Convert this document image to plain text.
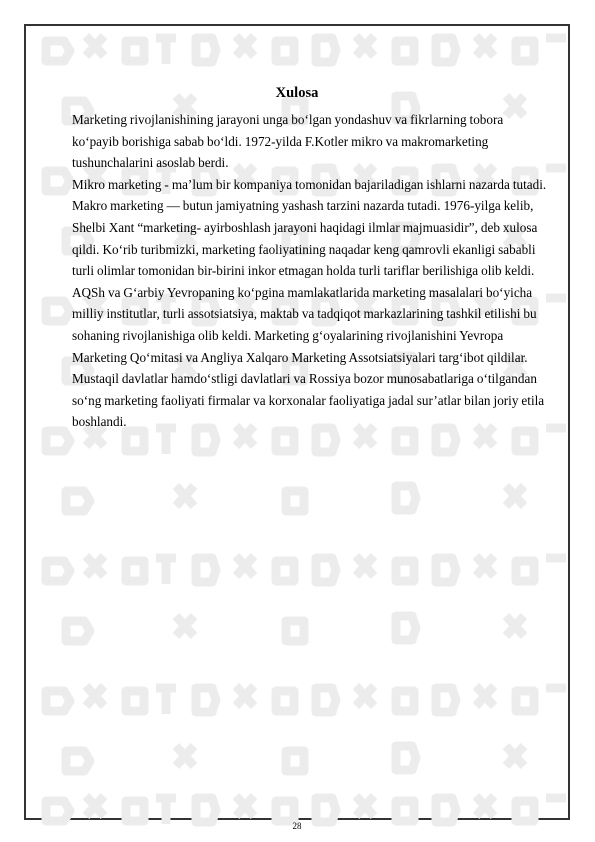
Xulosa

Marketing rivojlanishining jarayoni unga bo‘lgan yondashuv va fikrlarning tobora ko‘payib borishiga sabab bo‘ldi. 1972-yilda F.Kotler mikro va makromarketing tushunchalarini asoslab berdi.

Mikro marketing - ma’lum bir kompaniya tomonidan bajariladigan ishlarni nazarda tutadi. Makro marketing — butun jamiyatning yashash tarzini nazarda tutadi. 1976-yilga kelib, Shelbi Xant “marketing- ayirboshlash jarayoni haqidagi ilmlar majmuasidir”, deb xulosa qildi. Ko‘rib turibmizki, marketing faoliyatining naqadar keng qamrovli ekanligi sababli turli olimlar tomonidan bir-birini inkor etmagan holda turli tariflar berilishiga olib keldi.

AQSh va G‘arbiy Yevropaning ko‘pgina mamlakatlarida marketing masalalari bo‘yicha milliy institutlar, turli assotsiatsiya, maktab va tadqiqot markazlarining tashkil etilishi bu sohaning rivojlanishiga olib keldi. Marketing g‘oyalarining rivojlanishini Yevropa Marketing Qo‘mitasi va Angliya Xalqaro Marketing Assotsiatsiyalari targ‘ibot qildilar.

Mustaqil davlatlar hamdo‘stligi davlatlari va Rossiya bozor munosabatlariga o‘tilgandan so‘ng marketing faoliyati firmalar va korxonalar faoliyatiga jadal sur’atlar bilan joriy etila boshlandi.

28
